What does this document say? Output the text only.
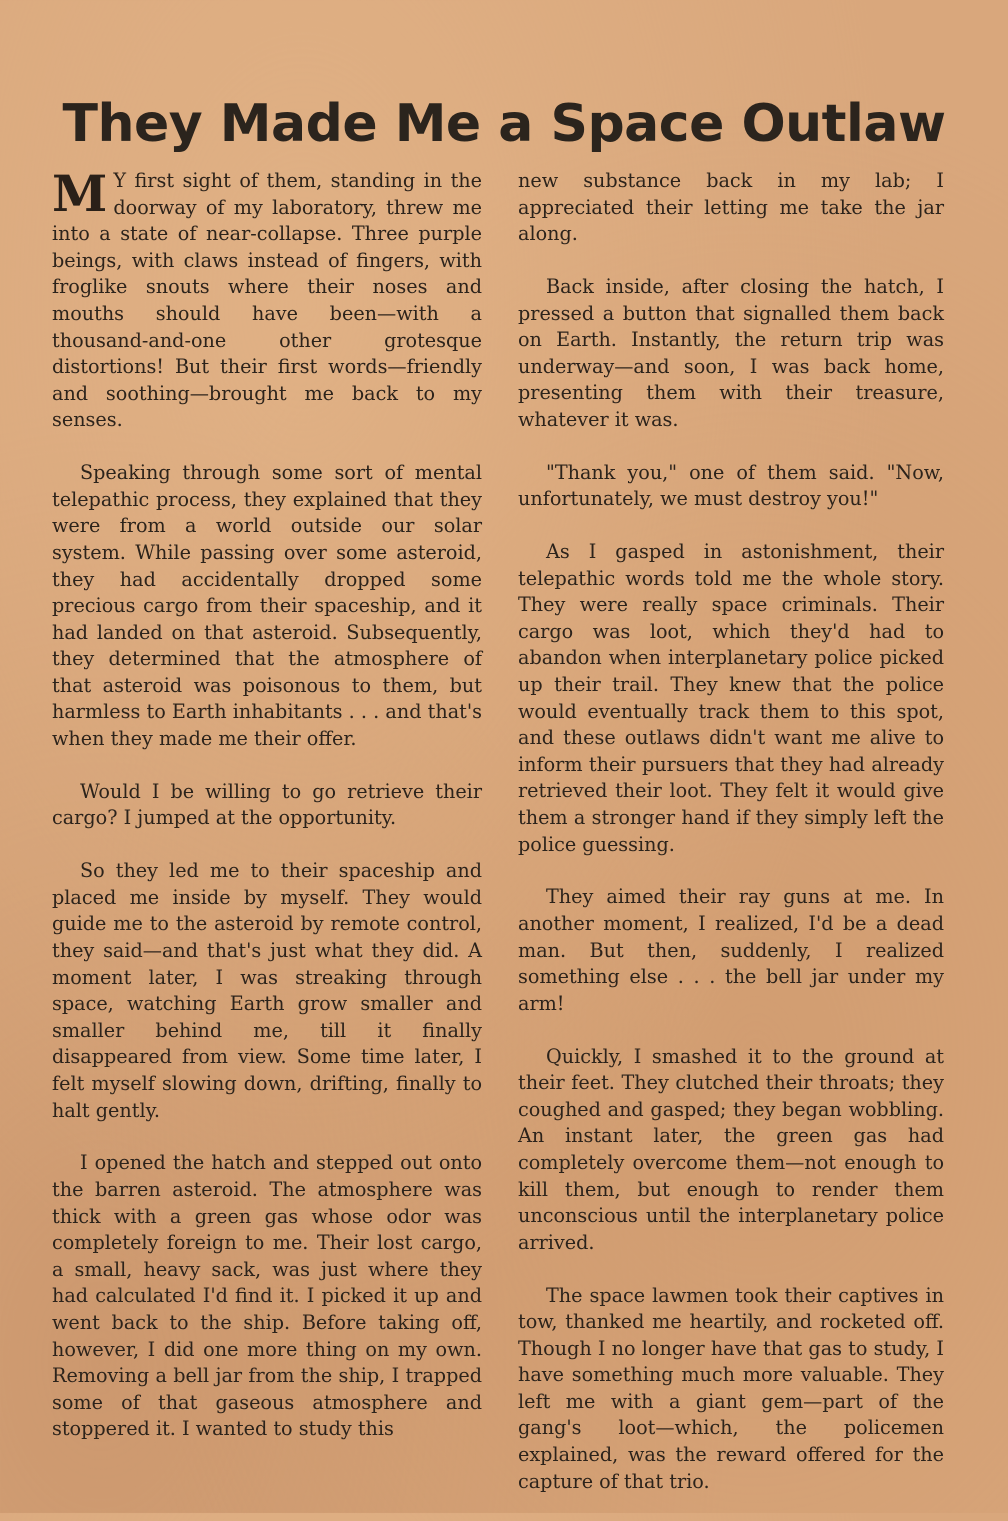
They Made Me a Space Outlaw

M Y first sight of them, standing in the doorway of my laboratory, threw me into a state of near-collapse. Three purple beings, with claws instead of fingers, with froglike snouts where their noses and mouths should have been—with a thousand-and-one other grotesque distortions! But their first words—friendly and soothing—brought me back to my senses.

Speaking through some sort of mental telepathic process, they explained that they were from a world outside our solar system. While passing over some asteroid, they had accidentally dropped some precious cargo from their spaceship, and it had landed on that asteroid. Subsequently, they determined that the atmosphere of that asteroid was poisonous to them, but harmless to Earth inhabitants . . . and that's when they made me their offer.

Would I be willing to go retrieve their cargo? I jumped at the opportunity.

So they led me to their spaceship and placed me inside by myself. They would guide me to the asteroid by remote control, they said—and that's just what they did. A moment later, I was streaking through space, watching Earth grow smaller and smaller behind me, till it finally disappeared from view. Some time later, I felt myself slowing down, drifting, finally to halt gently.

I opened the hatch and stepped out onto the barren asteroid. The atmosphere was thick with a green gas whose odor was completely foreign to me. Their lost cargo, a small, heavy sack, was just where they had calculated I'd find it. I picked it up and went back to the ship. Before taking off, however, I did one more thing on my own. Removing a bell jar from the ship, I trapped some of that gaseous atmosphere and stoppered it. I wanted to study this

new substance back in my lab; I appreciated their letting me take the jar along.

Back inside, after closing the hatch, I pressed a button that signalled them back on Earth. Instantly, the return trip was underway—and soon, I was back home, presenting them with their treasure, whatever it was.

"Thank you," one of them said. "Now, unfortunately, we must destroy you!"

As I gasped in astonishment, their telepathic words told me the whole story. They were really space criminals. Their cargo was loot, which they'd had to abandon when interplanetary police picked up their trail. They knew that the police would eventually track them to this spot, and these outlaws didn't want me alive to inform their pursuers that they had already retrieved their loot. They felt it would give them a stronger hand if they simply left the police guessing.

They aimed their ray guns at me. In another moment, I realized, I'd be a dead man. But then, suddenly, I realized something else . . . the bell jar under my arm!

Quickly, I smashed it to the ground at their feet. They clutched their throats; they coughed and gasped; they began wobbling. An instant later, the green gas had completely overcome them—not enough to kill them, but enough to render them unconscious until the interplanetary police arrived.

The space lawmen took their captives in tow, thanked me heartily, and rocketed off. Though I no longer have that gas to study, I have something much more valuable. They left me with a giant gem—part of the gang's loot—which, the policemen explained, was the reward offered for the capture of that trio.
